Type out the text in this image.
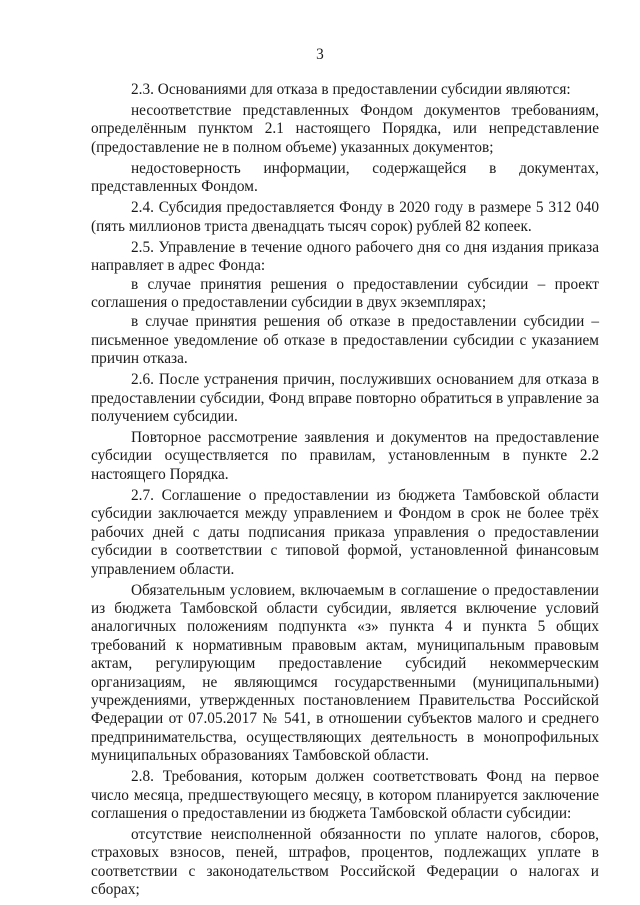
3

2.3. Основаниями для отказа в предоставлении субсидии являются:

несоответствие представленных Фондом документов требованиям, определённым пунктом 2.1 настоящего Порядка, или непредставление (предоставление не в полном объеме) указанных документов;

недостоверность информации, содержащейся в документах, представленных Фондом.

2.4. Субсидия предоставляется Фонду в 2020 году в размере 5 312 040 (пять миллионов триста двенадцать тысяч сорок) рублей 82 копеек.

2.5. Управление в течение одного рабочего дня со дня издания приказа направляет в адрес Фонда:

в случае принятия решения о предоставлении субсидии – проект соглашения о предоставлении субсидии в двух экземплярах;

в случае принятия решения об отказе в предоставлении субсидии – письменное уведомление об отказе в предоставлении субсидии с указанием причин отказа.

2.6. После устранения причин, послуживших основанием для отказа в предоставлении субсидии, Фонд вправе повторно обратиться в управление за получением субсидии.

Повторное рассмотрение заявления и документов на предоставление субсидии осуществляется по правилам, установленным в пункте 2.2 настоящего Порядка.

2.7. Соглашение о предоставлении из бюджета Тамбовской области субсидии заключается между управлением и Фондом в срок не более трёх рабочих дней с даты подписания приказа управления о предоставлении субсидии в соответствии с типовой формой, установленной финансовым управлением области.

Обязательным условием, включаемым в соглашение о предоставлении из бюджета Тамбовской области субсидии, является включение условий аналогичных положениям подпункта «з» пункта 4 и пункта 5 общих требований к нормативным правовым актам, муниципальным правовым актам, регулирующим предоставление субсидий некоммерческим организациям, не являющимся государственными (муниципальными) учреждениями, утвержденных постановлением Правительства Российской Федерации от 07.05.2017 № 541, в отношении субъектов малого и среднего предпринимательства, осуществляющих деятельность в монопрофильных муниципальных образованиях Тамбовской области.

2.8. Требования, которым должен соответствовать Фонд на первое число месяца, предшествующего месяцу, в котором планируется заключение соглашения о предоставлении из бюджета Тамбовской области субсидии:

отсутствие неисполненной обязанности по уплате налогов, сборов, страховых взносов, пеней, штрафов, процентов, подлежащих уплате в соответствии с законодательством Российской Федерации о налогах и сборах;
